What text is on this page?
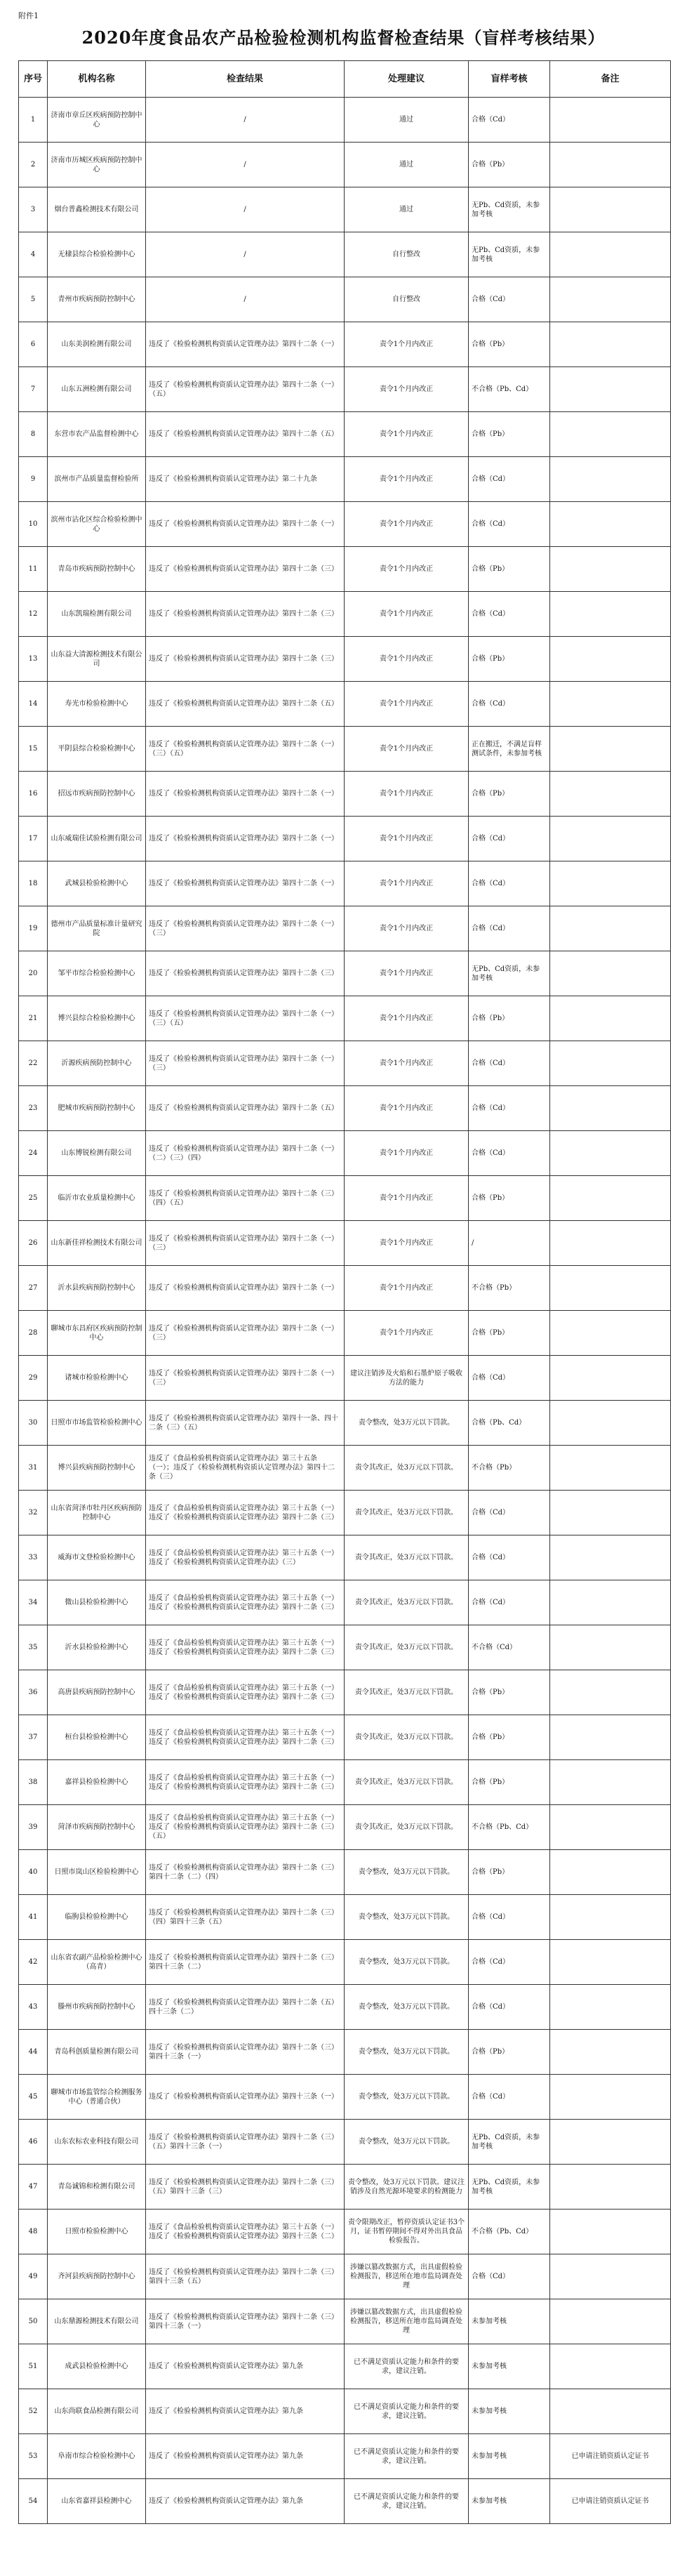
附件1
2020年度食品农产品检验检测机构监督检查结果（盲样考核结果）
序号	机构名称	检查结果	处理建议	盲样考核	备注
1	济南市章丘区疾病预防控制中心	/	通过	合格（Cd）	
2	济南市历城区疾病预防控制中心	/	通过	合格（Pb）	
3	烟台普鑫检测技术有限公司	/	通过	无Pb、Cd资质，未参加考核	
4	无棣县综合检验检测中心	/	自行整改	无Pb、Cd资质，未参加考核	
5	青州市疾病预防控制中心	/	自行整改	合格（Cd）	
6	山东美润检测有限公司	违反了《检验检测机构资质认定管理办法》第四十二条（一）	责令1个月内改正	合格（Pb）	
7	山东五洲检测有限公司	违反了《检验检测机构资质认定管理办法》第四十二条（一）（五）	责令1个月内改正	不合格（Pb、Cd）	
8	东营市农产品监督检测中心	违反了《检验检测机构资质认定管理办法》第四十二条（五）	责令1个月内改正	合格（Pb）	
9	滨州市产品质量监督检验所	违反了《检验检测机构资质认定管理办法》第二十九条	责令1个月内改正	合格（Cd）	
10	滨州市沾化区综合检验检测中心	违反了《检验检测机构资质认定管理办法》第四十二条（一）	责令1个月内改正	合格（Cd）	
11	青岛市疾病预防控制中心	违反了《检验检测机构资质认定管理办法》第四十二条（三）	责令1个月内改正	合格（Pb）	
12	山东凯瑞检测有限公司	违反了《检验检测机构资质认定管理办法》第四十二条（三）	责令1个月内改正	合格（Cd）	
13	山东益大清源检测技术有限公司	违反了《检验检测机构资质认定管理办法》第四十二条（三）	责令1个月内改正	合格（Pb）	
14	寿光市检验检测中心	违反了《检验检测机构资质认定管理办法》第四十二条（五）	责令1个月内改正	合格（Cd）	
15	平阴县综合检验检测中心	违反了《检验检测机构资质认定管理办法》第四十二条（一）（三）（五）	责令1个月内改正	正在搬迁，不满足盲样测试条件，未参加考核	
16	招远市疾病预防控制中心	违反了《检验检测机构资质认定管理办法》第四十二条（一）	责令1个月内改正	合格（Pb）	
17	山东威瑞佳试验检测有限公司	违反了《检验检测机构资质认定管理办法》第四十二条（一）	责令1个月内改正	合格（Cd）	
18	武城县检验检测中心	违反了《检验检测机构资质认定管理办法》第四十二条（一）	责令1个月内改正	合格（Cd）	
19	德州市产品质量标准计量研究院	违反了《检验检测机构资质认定管理办法》第四十二条（一）（三）	责令1个月内改正	合格（Cd）	
20	邹平市综合检验检测中心	违反了《检验检测机构资质认定管理办法》第四十二条（三）	责令1个月内改正	无Pb、Cd资质，未参加考核	
21	博兴县综合检验检测中心	违反了《检验检测机构资质认定管理办法》第四十二条（一）（三）（五）	责令1个月内改正	合格（Pb）	
22	沂源疾病预防控制中心	违反了《检验检测机构资质认定管理办法》第四十二条（一）（三）	责令1个月内改正	合格（Cd）	
23	肥城市疾病预防控制中心	违反了《检验检测机构资质认定管理办法》第四十二条（五）	责令1个月内改正	合格（Cd）	
24	山东博锐检测有限公司	违反了《检验检测机构资质认定管理办法》第四十二条（一）（二）（三）（四）	责令1个月内改正	合格（Cd）	
25	临沂市农业质量检测中心	违反了《检验检测机构资质认定管理办法》第四十二条（三）（四）（五）	责令1个月内改正	合格（Pb）	
26	山东新佳祥检测技术有限公司	违反了《检验检测机构资质认定管理办法》第四十二条（一）（三）	责令1个月内改正	/	
27	沂水县疾病预防控制中心	违反了《检验检测机构资质认定管理办法》第四十二条（一）	责令1个月内改正	不合格（Pb）	
28	聊城市东昌府区疾病预防控制中心	违反了《检验检测机构资质认定管理办法》第四十二条（一）（三）	责令1个月内改正	合格（Pb）	
29	诸城市检验检测中心	违反了《检验检测机构资质认定管理办法》第四十二条（一）（三）	建议注销涉及火焰和石墨炉原子吸收方法的能力	合格（Cd）	
30	日照市市场监管检验检测中心	违反了《检验检测机构资质认定管理办法》第四十一条、四十二条（三）（五）	责令整改，处3万元以下罚款。	合格（Pb、Cd）	
31	博兴县疾病预防控制中心	违反了《食品检验机构资质认定管理办法》第三十五条（一）；违反了《检验检测机构资质认定管理办法》第四十二条（三）	责令其改正，处3万元以下罚款。	不合格（Pb）	
32	山东省菏泽市牡丹区疾病预防控制中心	违反了《食品检验机构资质认定管理办法》第三十五条（一）违反了《检验检测机构资质认定管理办法》第四十二条（三）	责令其改正，处3万元以下罚款。	合格（Cd）	
33	威海市文登检验检测中心	违反了《食品检验机构资质认定管理办法》第三十五条（一）违反了《检验检测机构资质认定管理办法》（三）	责令其改正，处3万元以下罚款。	合格（Cd）	
34	微山县检验检测中心	违反了《食品检验机构资质认定管理办法》第三十五条（一）违反了《检验检测机构资质认定管理办法》第四十二条（三）	责令其改正，处3万元以下罚款。	合格（Cd）	
35	沂水县检验检测中心	违反了《食品检验机构资质认定管理办法》第三十五条（一）违反了《检验检测机构资质认定管理办法》第四十二条（三）	责令其改正，处3万元以下罚款。	不合格（Cd）	
36	高唐县疾病预防控制中心	违反了《食品检验机构资质认定管理办法》第三十五条（一）违反了《检验检测机构资质认定管理办法》第四十二条（三）	责令其改正，处3万元以下罚款。	合格（Pb）	
37	桓台县检验检测中心	违反了《食品检验机构资质认定管理办法》第三十五条（一）违反了《检验检测机构资质认定管理办法》第四十二条（三）	责令其改正，处3万元以下罚款。	合格（Pb）	
38	嘉祥县检验检测中心	违反了《食品检验机构资质认定管理办法》第三十五条（一）违反了《检验检测机构资质认定管理办法》第四十二条（三）	责令其改正，处3万元以下罚款。	合格（Pb）	
39	菏泽市疾病预防控制中心	违反了《食品检验机构资质认定管理办法》第三十五条（一）违反了《检验检测机构资质认定管理办法》第四十二条（三）（五）	责令其改正，处3万元以下罚款。	不合格（Pb、Cd）	
40	日照市岚山区检验检测中心	违反了《检验检测机构资质认定管理办法》第四十二条（三）第四十二条（二）（四）	责令整改，处3万元以下罚款。	合格（Pb）	
41	临朐县检验检测中心	违反了《检验检测机构资质认定管理办法》第四十二条（三）（四）第四十三条（五）	责令整改，处3万元以下罚款。	合格（Cd）	
42	山东省农副产品检验检测中心（高青）	违反了《检验检测机构资质认定管理办法》第四十二条（三）第四十三条（二）	责令整改，处3万元以下罚款。	合格（Cd）	
43	滕州市疾病预防控制中心	违反了《检验检测机构资质认定管理办法》第四十二条（五）四十三条（二）	责令整改，处3万元以下罚款。	合格（Cd）	
44	青岛科创质量检测有限公司	违反了《检验检测机构资质认定管理办法》第四十二条（三）第四十三条（一）	责令整改，处3万元以下罚款。	合格（Pb）	
45	聊城市市场监管综合检测服务中心（普通合伙）	违反了《检验检测机构资质认定管理办法》第四十三条（一）	责令整改，处3万元以下罚款。	合格（Cd）	
46	山东农标农业科技有限公司	违反了《检验检测机构资质认定管理办法》第四十二条（三）（五）第四十三条（一）	责令整改，处3万元以下罚款。	无Pb、Cd资质，未参加考核	
47	青岛诚锦和检测有限公司	违反了《检验检测机构资质认定管理办法》第四十二条（三）（五）第四十三条（三）	责令整改，处3万元以下罚款。建议注销涉及自然光源环境要求的检测能力	无Pb、Cd资质，未参加考核	
48	日照市检验检测中心	违反了《食品检验机构资质认定管理办法》第三十五条（一）违反了《检验检测机构资质认定管理办法》第四十三条（二）	责令限期改正，暂停资质认定证书3个月，证书暂停期间不得对外出具食品检验报告。	不合格（Pb、Cd）	
49	齐河县疾病预防控制中心	违反了《检验检测机构资质认定管理办法》第四十二条（三）第四十三条（五）	涉嫌以篡改数据方式，出具虚假检验检测报告，移送所在地市监局调查处理	合格（Cd）	
50	山东鼎源检测技术有限公司	违反了《检验检测机构资质认定管理办法》第四十二条（三）第四十三条（一）	涉嫌以篡改数据方式，出具虚假检验检测报告，移送所在地市监局调查处理	未参加考核	
51	成武县检验检测中心	违反了《检验检测机构资质认定管理办法》第九条	已不满足资质认定能力和条件的要求，建议注销。	未参加考核	
52	山东尚联食品检测有限公司	违反了《检验检测机构资质认定管理办法》第九条	已不满足资质认定能力和条件的要求，建议注销。	未参加考核	
53	阜南市综合检验检测中心	违反了《检验检测机构资质认定管理办法》第九条	已不满足资质认定能力和条件的要求，建议注销。	未参加考核	已申请注销资质认定证书
54	山东省嘉祥县检测中心	违反了《检验检测机构资质认定管理办法》第九条	已不满足资质认定能力和条件的要求，建议注销。	未参加考核	已申请注销资质认定证书
